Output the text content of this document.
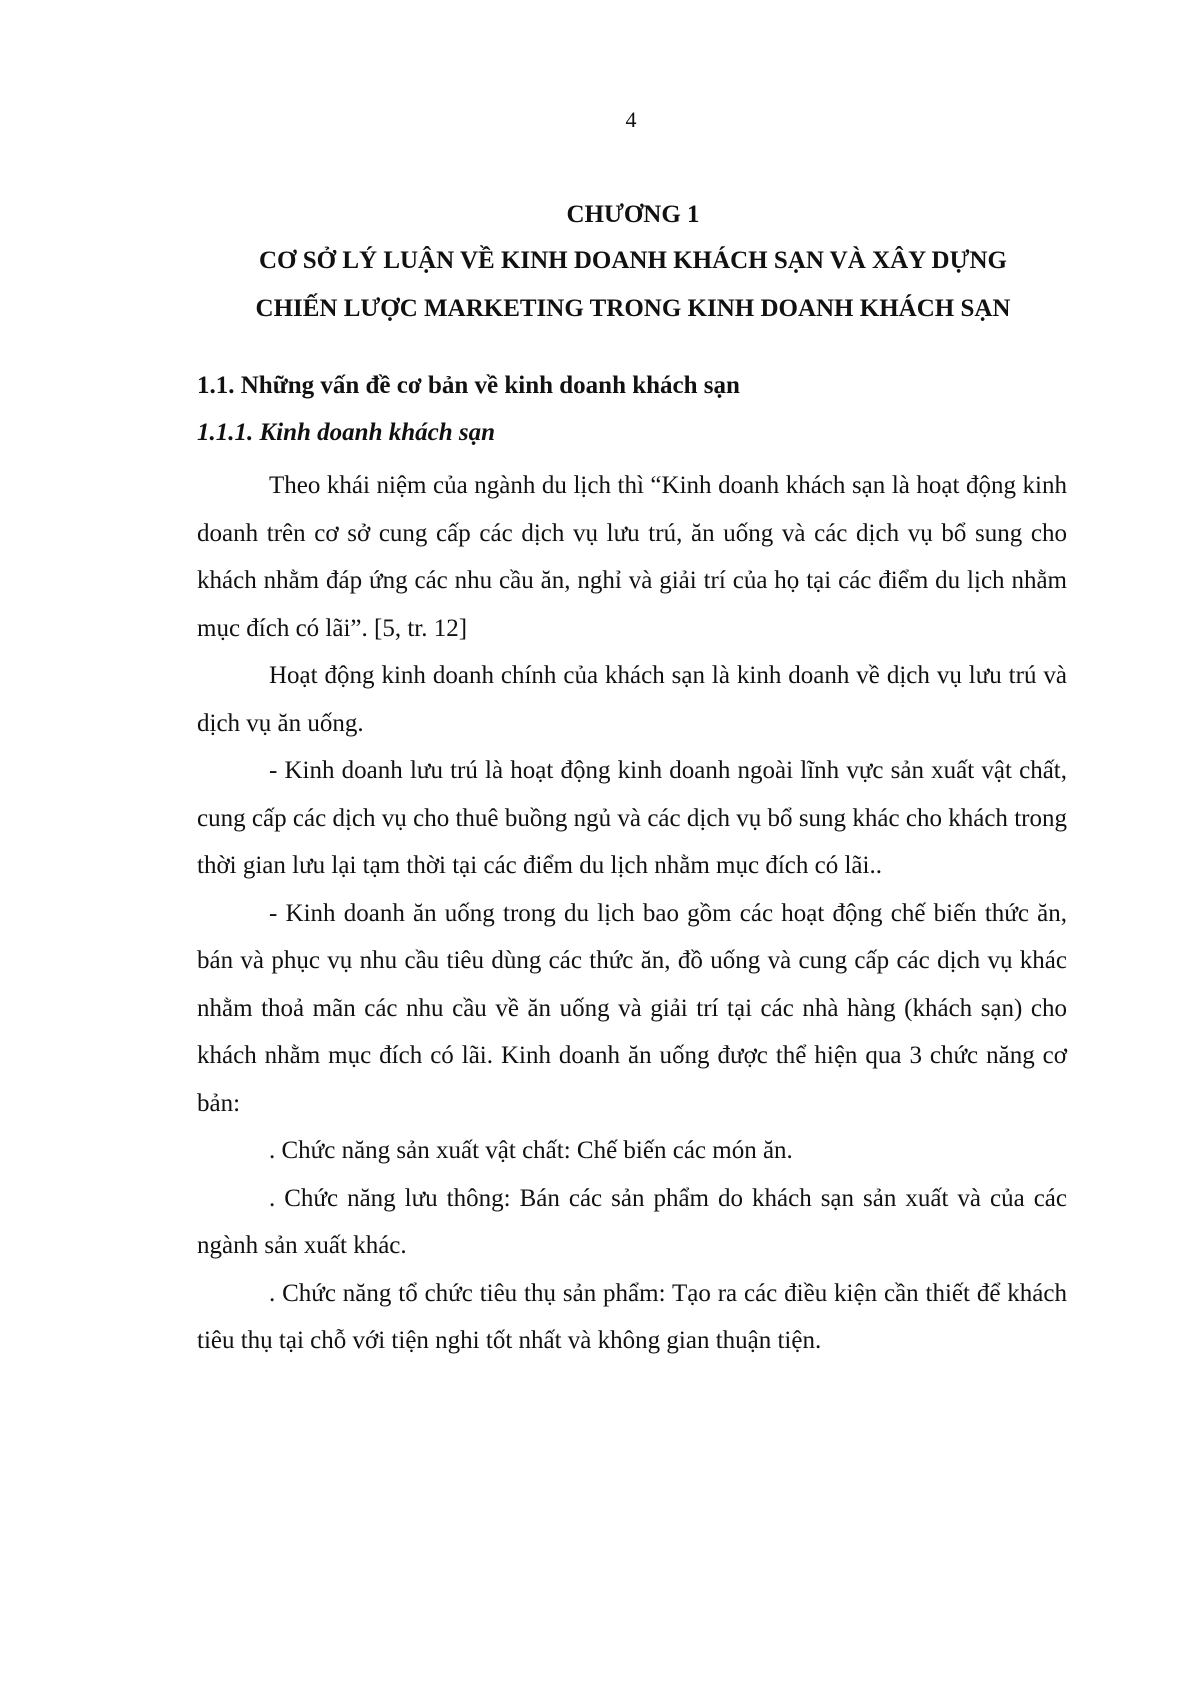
4
CHƯƠNG 1
CƠ SỞ LÝ LUẬN VỀ KINH DOANH KHÁCH SẠN VÀ XÂY DỰNG
CHIẾN LƯỢC MARKETING TRONG KINH DOANH KHÁCH SẠN
1.1. Những vấn đề cơ bản về kinh doanh khách sạn
1.1.1. Kinh doanh khách sạn

Theo khái niệm của ngành du lịch thì “Kinh doanh khách sạn là hoạt động kinh doanh trên cơ sở cung cấp các dịch vụ lưu trú, ăn uống và các dịch vụ bổ sung cho khách nhằm đáp ứng các nhu cầu ăn, nghỉ và giải trí của họ tại các điểm du lịch nhằm mục đích có lãi”. [5, tr. 12]

Hoạt động kinh doanh chính của khách sạn là kinh doanh về dịch vụ lưu trú và dịch vụ ăn uống.

- Kinh doanh lưu trú là hoạt động kinh doanh ngoài lĩnh vực sản xuất vật chất, cung cấp các dịch vụ cho thuê buồng ngủ và các dịch vụ bổ sung khác cho khách trong thời gian lưu lại tạm thời tại các điểm du lịch nhằm mục đích có lãi..

- Kinh doanh ăn uống trong du lịch bao gồm các hoạt động chế biến thức ăn, bán và phục vụ nhu cầu tiêu dùng các thức ăn, đồ uống và cung cấp các dịch vụ khác nhằm thoả mãn các nhu cầu về ăn uống và giải trí tại các nhà hàng (khách sạn) cho khách nhằm mục đích có lãi. Kinh doanh ăn uống được thể hiện qua 3 chức năng cơ bản:

. Chức năng sản xuất vật chất: Chế biến các món ăn.

. Chức năng lưu thông: Bán các sản phẩm do khách sạn sản xuất và của các ngành sản xuất khác.

. Chức năng tổ chức tiêu thụ sản phẩm: Tạo ra các điều kiện cần thiết để khách tiêu thụ tại chỗ với tiện nghi tốt nhất và không gian thuận tiện.
